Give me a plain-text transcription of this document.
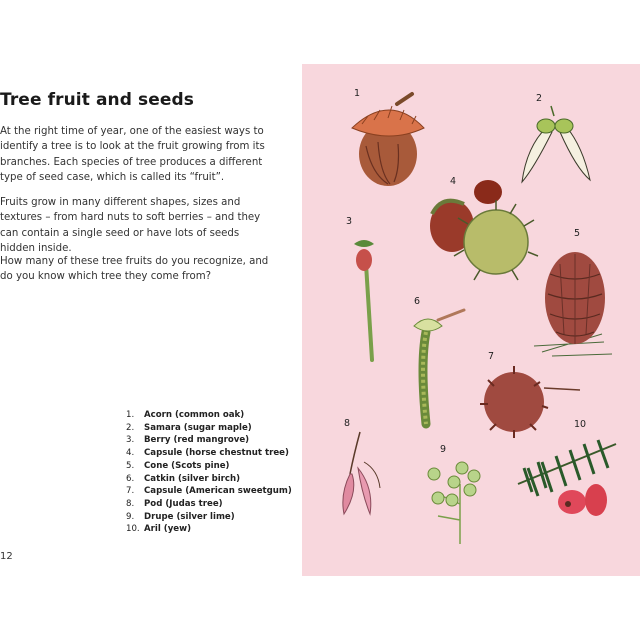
Tree fruit and seeds

At the right time of year, one of the easiest ways to identify a tree is to look at the fruit growing from its branches. Each species of tree produces a different type of seed case, which is called its “fruit”.

Fruits grow in many different shapes, sizes and textures – from hard nuts to soft berries – and they can contain a single seed or have lots of seeds hidden inside.

How many of these tree fruits do you recognize, and do you know which tree they come from?

1.	Acorn (common oak)
2.	Samara (sugar maple)
3.	Berry (red mangrove)
4.	Capsule (horse chestnut tree)
5.	Cone (Scots pine)
6.	Catkin (silver birch)
7.	Capsule (American sweetgum)
8.	Pod (Judas tree)
9.	Drupe (silver lime)
10. Aril (yew)

12

1	2
3
4
5
6
7
8
9
10
